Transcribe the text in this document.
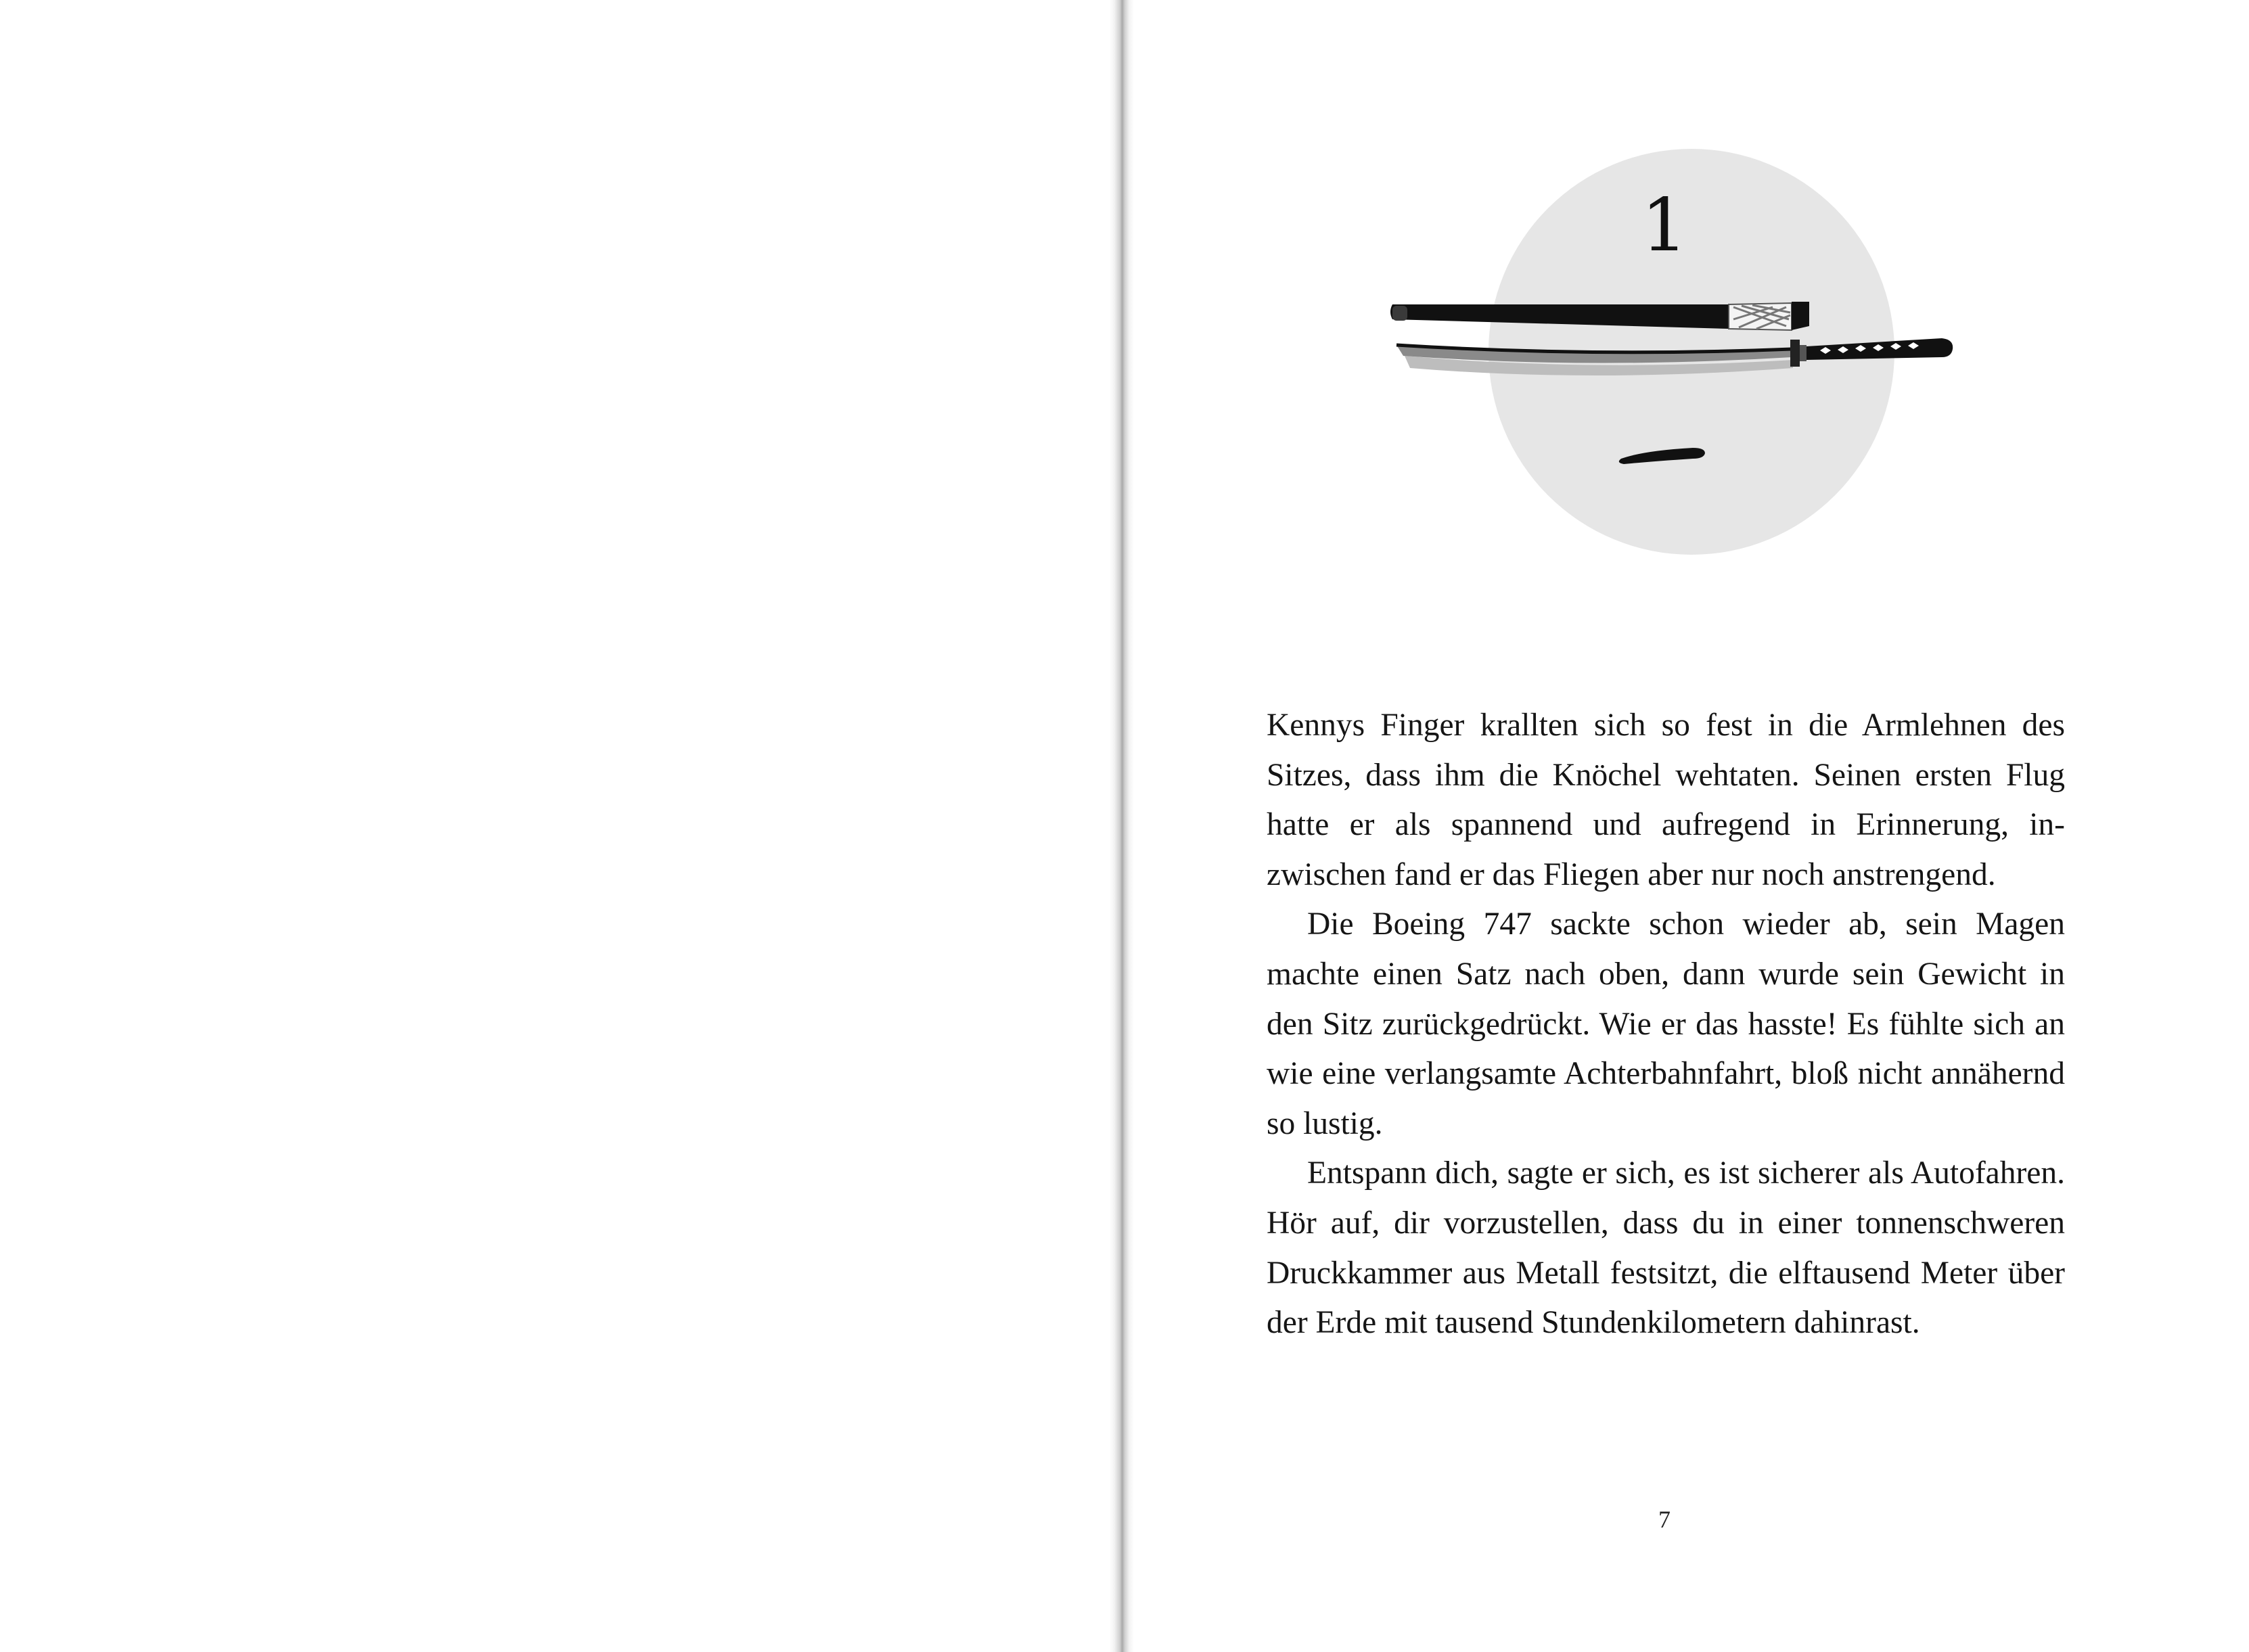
1

Kennys Finger krallten sich so fest in die Armlehnen des Sitzes, dass ihm die Knöchel wehtaten. Seinen ersten Flug hatte er als spannend und aufregend in Erinnerung, inzwischen fand er das Fliegen aber nur noch anstrengend.

Die Boeing 747 sackte schon wieder ab, sein Magen machte einen Satz nach oben, dann wurde sein Gewicht in den Sitz zurückgedrückt. Wie er das hasste! Es fühlte sich an wie eine verlangsamte Achterbahnfahrt, bloß nicht annähernd so lustig.

Entspann dich, sagte er sich, es ist sicherer als Autofahren. Hör auf, dir vorzustellen, dass du in einer tonnenschweren Druckkammer aus Metall festsitzt, die elftausend Meter über der Erde mit tausend Stundenkilometern dahinrast.

7
